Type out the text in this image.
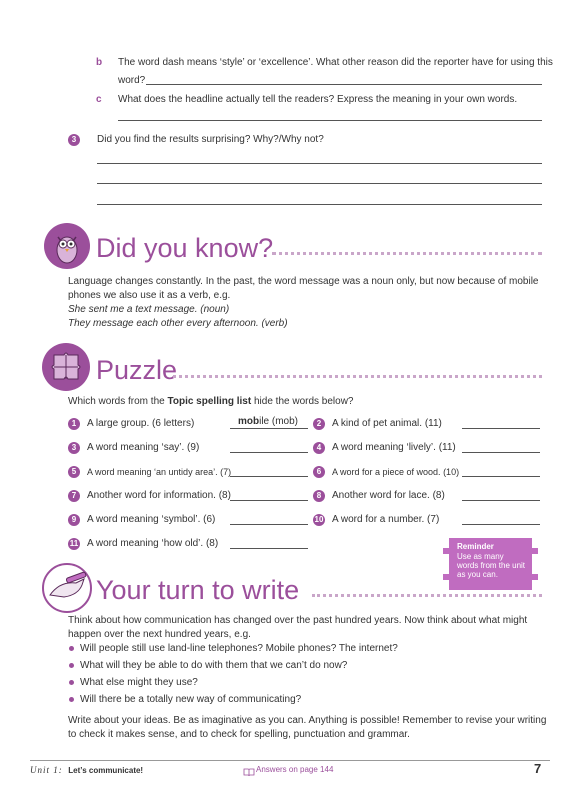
b The word dash means ‘style’ or ‘excellence’. What other reason did the reporter have for using this
word?
c What does the headline actually tell the readers? Express the meaning in your own words.
3	Did you find the results surprising? Why?/Why not?
Did you know?
Language changes constantly. In the past, the word message was a noun only, but now because of mobile
phones we also use it as a verb, e.g.
She sent me a text message. (noun)
They message each other every afternoon. (verb)
Puzzle
Which words from the Topic spelling list hide the words below?
1	A large group. (6 letters)	mobile (mob)	2	A kind of pet animal. (11)
3	A word meaning ‘say’. (9)	4	A word meaning ‘lively’. (11)
5	A word meaning ‘an untidy area’. (7)	6	A word for a piece of wood. (10)
7	Another word for information. (8)	8	Another word for lace. (8)
9	A word meaning ‘symbol’. (6)	10 A word for a number. (7)
11 A word meaning ‘how old’. (8)	Reminder
Use as many words from the unit as you can.
Your turn to write
Think about how communication has changed over the past hundred years. Now think about what might
happen over the next hundred years, e.g.
Will people still use land-line telephones? Mobile phones? The internet?
What will they be able to do with them that we can’t do now?
What else might they use?
Will there be a totally new way of communicating?
Write about your ideas. Be as imaginative as you can. Anything is possible! Remember to revise your writing
to check it makes sense, and to check for spelling, punctuation and grammar.
Unit 1: Let’s communicate!	Answers on page 144	7
